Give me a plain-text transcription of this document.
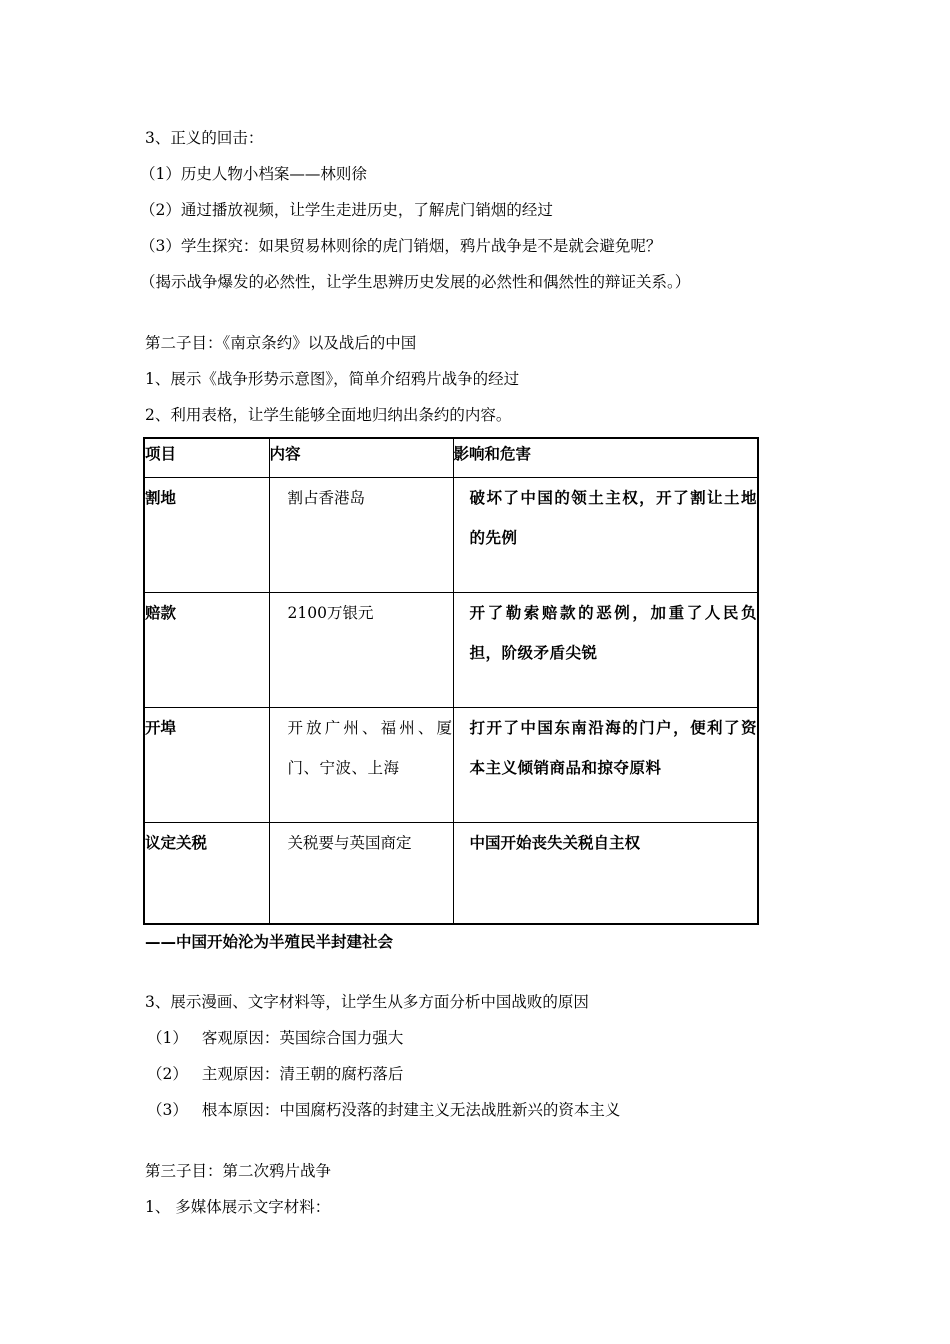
3、正义的回击：
（1）历史人物小档案——林则徐
（2）通过播放视频，让学生走进历史，了解虎门销烟的经过
（3）学生探究：如果贸易林则徐的虎门销烟，鸦片战争是不是就会避免呢？
（揭示战争爆发的必然性，让学生思辨历史发展的必然性和偶然性的辩证关系。）
第二子目：《南京条约》以及战后的中国
1、展示《战争形势示意图》，简单介绍鸦片战争的经过
2、利用表格，让学生能够全面地归纳出条约的内容。
项目	内容	影响和危害
割地	割占香港岛	破坏了中国的领土主权，开了割让土地的先例

赔款	2100万银元	开了勒索赔款的恶例，加重了人民负担，阶级矛盾尖锐

开埠	开放广州、福州、厦门、宁波、上海	打开了中国东南沿海的门户，便利了资本主义倾销商品和掠夺原料

议定关税	关税要与英国商定	中国开始丧失关税自主权
——中国开始沦为半殖民半封建社会
3、展示漫画、文字材料等，让学生从多方面分析中国战败的原因
（1） 客观原因：英国综合国力强大
（2） 主观原因：清王朝的腐朽落后
（3） 根本原因：中国腐朽没落的封建主义无法战胜新兴的资本主义
第三子目：第二次鸦片战争
1、 多媒体展示文字材料：
